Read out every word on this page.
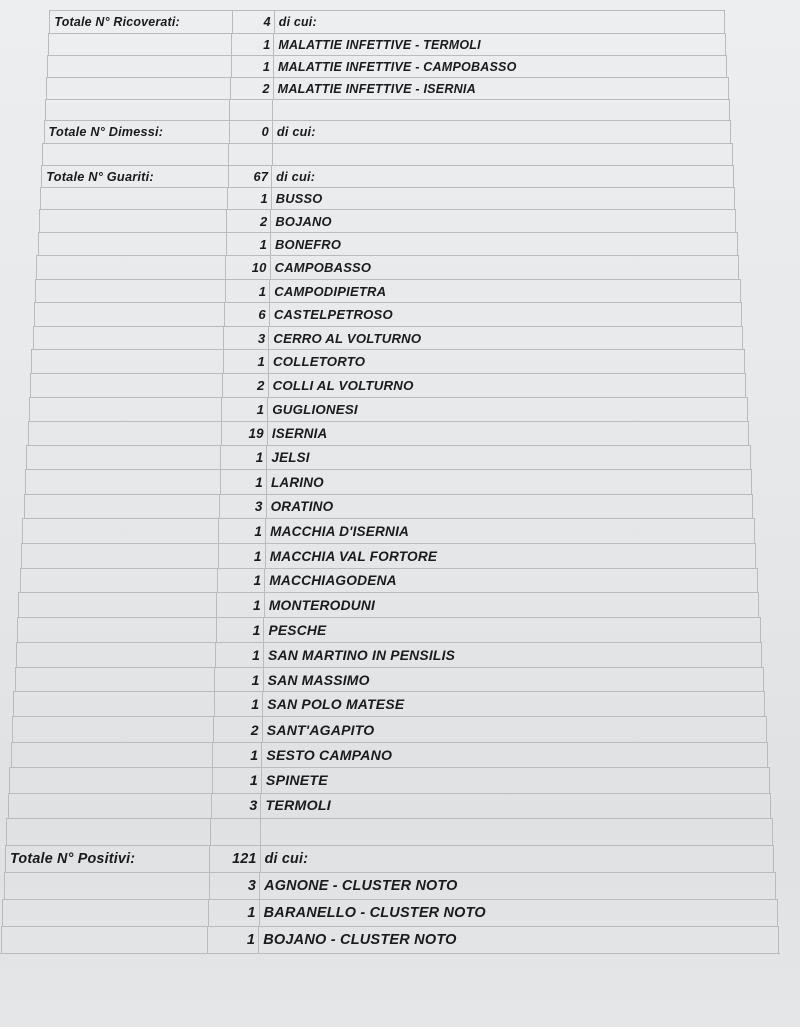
Totale N° Ricoverati:	4 di cui:
1 MALATTIE INFETTIVE - TERMOLI
1 MALATTIE INFETTIVE - CAMPOBASSO
2 MALATTIE INFETTIVE - ISERNIA
Totale N° Dimessi:	0 di cui:
Totale N° Guariti:	67 di cui:
1 BUSSO
2 BOJANO
1 BONEFRO
10 CAMPOBASSO
1 CAMPODIPIETRA
6 CASTELPETROSO
3 CERRO AL VOLTURNO
1 COLLETORTO
2 COLLI AL VOLTURNO
1 GUGLIONESI
19 ISERNIA
1 JELSI
1 LARINO
3 ORATINO
1 MACCHIA D'ISERNIA
1 MACCHIA VAL FORTORE
1 MACCHIAGODENA
1 MONTERODUNI
1 PESCHE
1 SAN MARTINO IN PENSILIS
1 SAN MASSIMO
1 SAN POLO MATESE
2 SANT'AGAPITO
1 SESTO CAMPANO
1 SPINETE
3 TERMOLI
Totale N° Positivi:	121 di cui:
3 AGNONE - CLUSTER NOTO
1 BARANELLO - CLUSTER NOTO
1 BOJANO - CLUSTER NOTO
